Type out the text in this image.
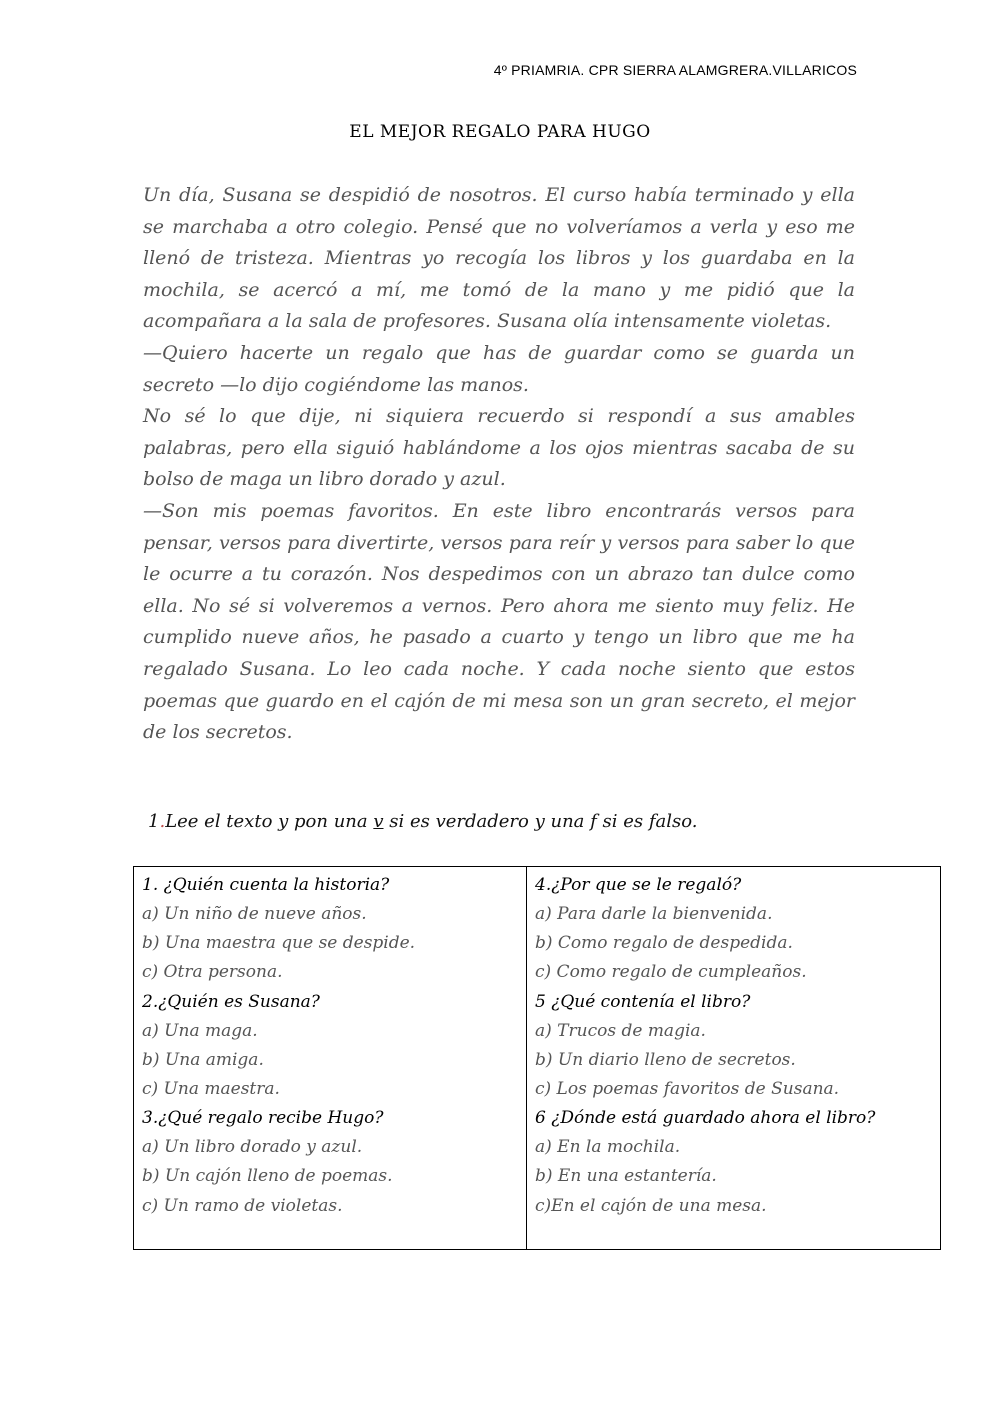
4º PRIAMRIA. CPR SIERRA ALAMGRERA.VILLARICOS
EL MEJOR REGALO PARA HUGO

Un día, Susana se despidió de nosotros. El curso había terminado y ella se marchaba a otro colegio. Pensé que no volveríamos a verla y eso me llenó de tristeza. Mientras yo recogía los libros y los guardaba en la mochila, se acercó a mí, me tomó de la mano y me pidió que la acompañara a la sala de profesores. Susana olía intensamente violetas.

—Quiero hacerte un regalo que has de guardar como se guarda un secreto —lo dijo cogiéndome las manos.

No sé lo que dije, ni siquiera recuerdo si respondí a sus amables palabras, pero ella siguió hablándome a los ojos mientras sacaba de su bolso de maga un libro dorado y azul.

—Son mis poemas favoritos. En este libro encontrarás versos para pensar, versos para divertirte, versos para reír y versos para saber lo que le ocurre a tu corazón. Nos despedimos con un abrazo tan dulce como ella. No sé si volveremos a vernos. Pero ahora me siento muy feliz. He cumplido nueve años, he pasado a cuarto y tengo un libro que me ha regalado Susana. Lo leo cada noche. Y cada noche siento que estos poemas que guardo en el cajón de mi mesa son un gran secreto, el mejor de los secretos.

1.Lee el texto y pon una v si es verdadero y una f si es falso.
1. ¿Quién cuenta la historia?
a) Un niño de nueve años.
b) Una maestra que se despide.
c) Otra persona.
2.¿Quién es Susana?
a) Una maga.
b) Una amiga.
c) Una maestra.
3.¿Qué regalo recibe Hugo?
a) Un libro dorado y azul.
b) Un cajón lleno de poemas.
c) Un ramo de violetas.

4.¿Por que se le regaló?
a) Para darle la bienvenida.
b) Como regalo de despedida.
c) Como regalo de cumpleaños.
5 ¿Qué contenía el libro?
a) Trucos de magia.
b) Un diario lleno de secretos.
c) Los poemas favoritos de Susana.
6 ¿Dónde está guardado ahora el libro?
a) En la mochila.
b) En una estantería.
c)En el cajón de una mesa.
